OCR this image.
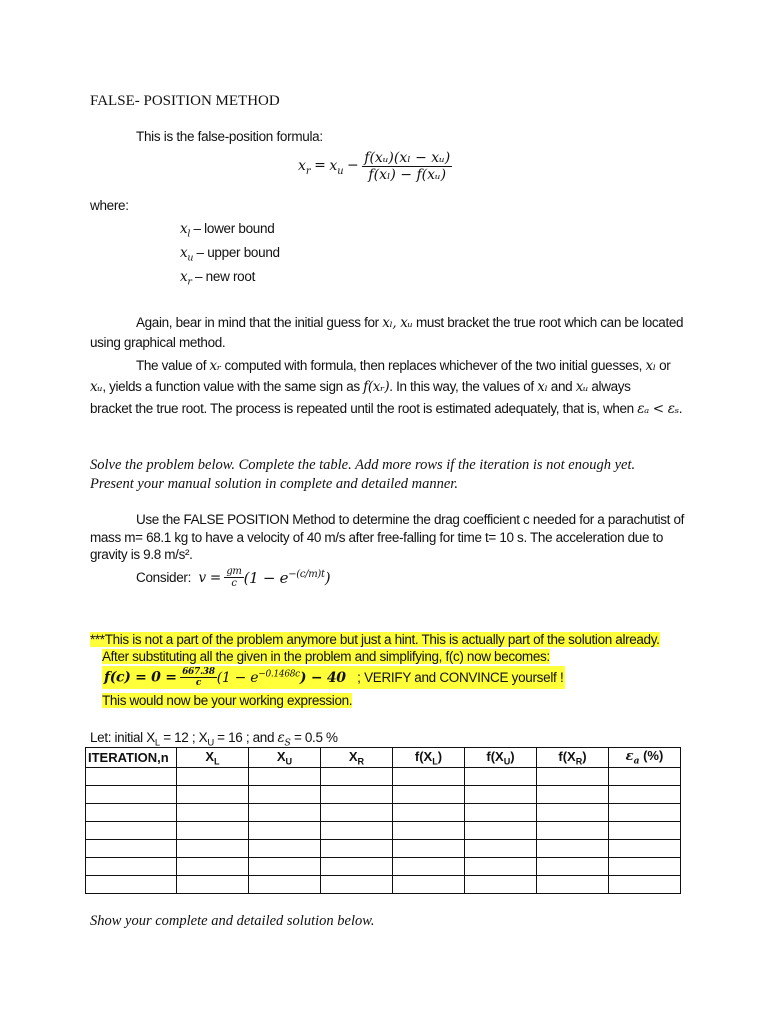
FALSE- POSITION METHOD
This is the false-position formula:
$x_r = x_u - \frac{\text{f(xᵤ)(xₗ − xᵤ)}}{\text{f(xₗ) − f(xᵤ)}}$
where:
$x_l$ – lower bound
$x_u$ – upper bound
$x_r$ – new root
Again, bear in mind that the initial guess for xₗ, xᵤ must bracket the true root which can be located
using graphical method.
The value of xᵣ computed with formula, then replaces whichever of the two initial guesses, xₗ or
xᵤ, yields a function value with the same sign as f(xᵣ). In this way, the values of xₗ and xᵤ always
bracket the true root. The process is repeated until the root is estimated adequately, that is, when εₐ < εₛ.
Solve the problem below. Complete the table. Add more rows if the iteration is not enough yet.
Present your manual solution in complete and detailed manner.
Use the FALSE POSITION Method to determine the drag coefficient c needed for a parachutist of
mass m= 68.1 kg to have a velocity of 40 m/s after free-falling for time t= 10 s. The acceleration due to
gravity is 9.8 m/s².
Consider: $v = \frac{gm}{c} (1 - e^{-(c/m)t})$
***This is not a part of the problem anymore but just a hint. This is actually part of the solution already.
After substituting all the given in the problem and simplifying, f(c) now becomes:
$f(c) = 0 = \frac{667.38}{c} (1 - e^{-0.1468c}) - 40$ ; VERIFY and CONVINCE yourself !
This would now be your working expression.
Let: initial $X_L = 12$ ; $X_U = 16$ ; and $\varepsilon_S = 0.5$ %
ITERATION,n	$X_L$	$X_U$	$X_R$	$f(X_L)$	$f(X_U)$	$f(X_R)$	$\varepsilon_a$ (%)

Show your complete and detailed solution below.
